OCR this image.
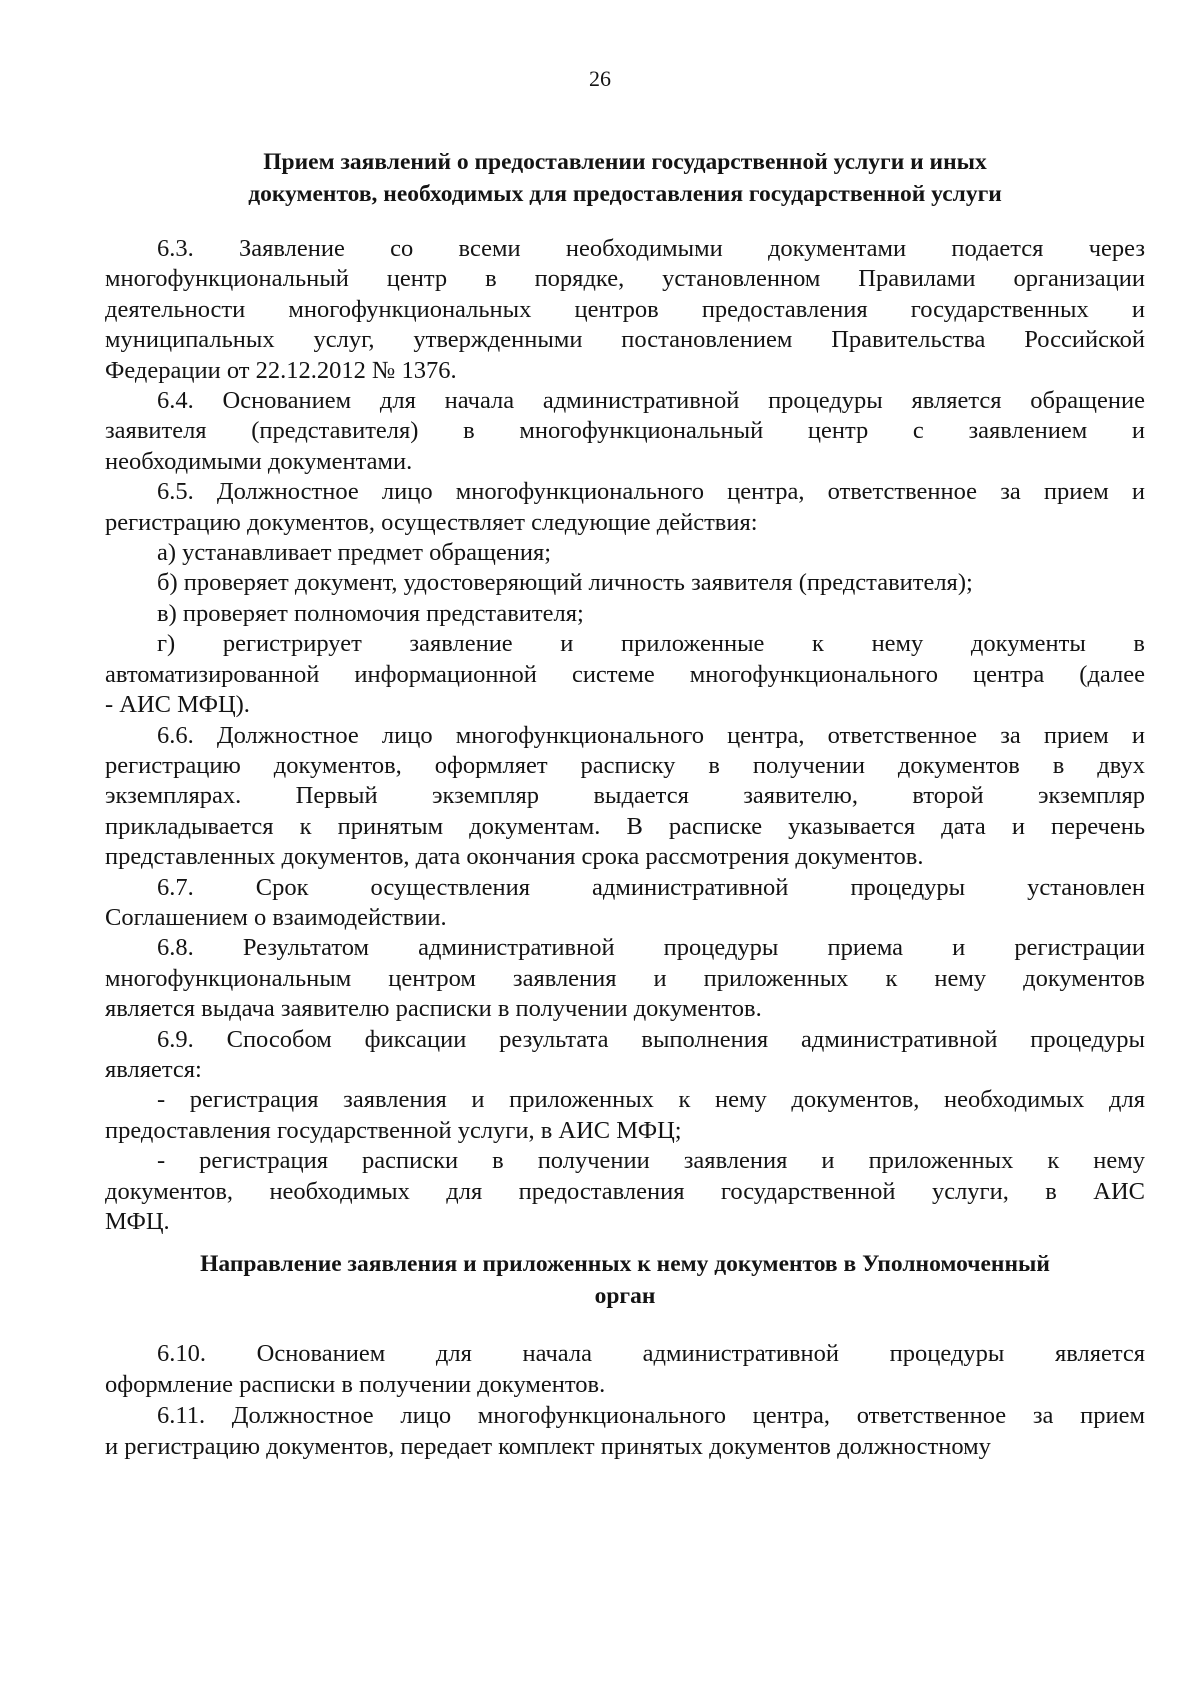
26
Прием заявлений о предоставлении государственной услуги и иных
документов, необходимых для предоставления государственной услуги

6.3. Заявление со всеми необходимыми документами подается через
многофункциональный центр в порядке, установленном Правилами организации
деятельности многофункциональных центров предоставления государственных и
муниципальных услуг, утвержденными постановлением Правительства Российской
Федерации от 22.12.2012 № 1376.

6.4. Основанием для начала административной процедуры является обращение
заявителя (представителя) в многофункциональный центр с заявлением и
необходимыми документами.

6.5. Должностное лицо многофункционального центра, ответственное за прием и
регистрацию документов, осуществляет следующие действия:

а) устанавливает предмет обращения;

б) проверяет документ, удостоверяющий личность заявителя (представителя);

в) проверяет полномочия представителя;

г) регистрирует заявление и приложенные к нему документы в
автоматизированной информационной системе многофункционального центра (далее
- АИС МФЦ).

6.6. Должностное лицо многофункционального центра, ответственное за прием и
регистрацию документов, оформляет расписку в получении документов в двух
экземплярах. Первый экземпляр выдается заявителю, второй экземпляр
прикладывается к принятым документам. В расписке указывается дата и перечень
представленных документов, дата окончания срока рассмотрения документов.

6.7. Срок осуществления административной процедуры установлен
Соглашением о взаимодействии.

6.8. Результатом административной процедуры приема и регистрации
многофункциональным центром заявления и приложенных к нему документов
является выдача заявителю расписки в получении документов.

6.9. Способом фиксации результата выполнения административной процедуры
является:

- регистрация заявления и приложенных к нему документов, необходимых для
предоставления государственной услуги, в АИС МФЦ;

- регистрация расписки в получении заявления и приложенных к нему
документов, необходимых для предоставления государственной услуги, в АИС
МФЦ.

Направление заявления и приложенных к нему документов в Уполномоченный
орган

6.10. Основанием для начала административной процедуры является
оформление расписки в получении документов.

6.11. Должностное лицо многофункционального центра, ответственное за прием
и регистрацию документов, передает комплект принятых документов должностному
